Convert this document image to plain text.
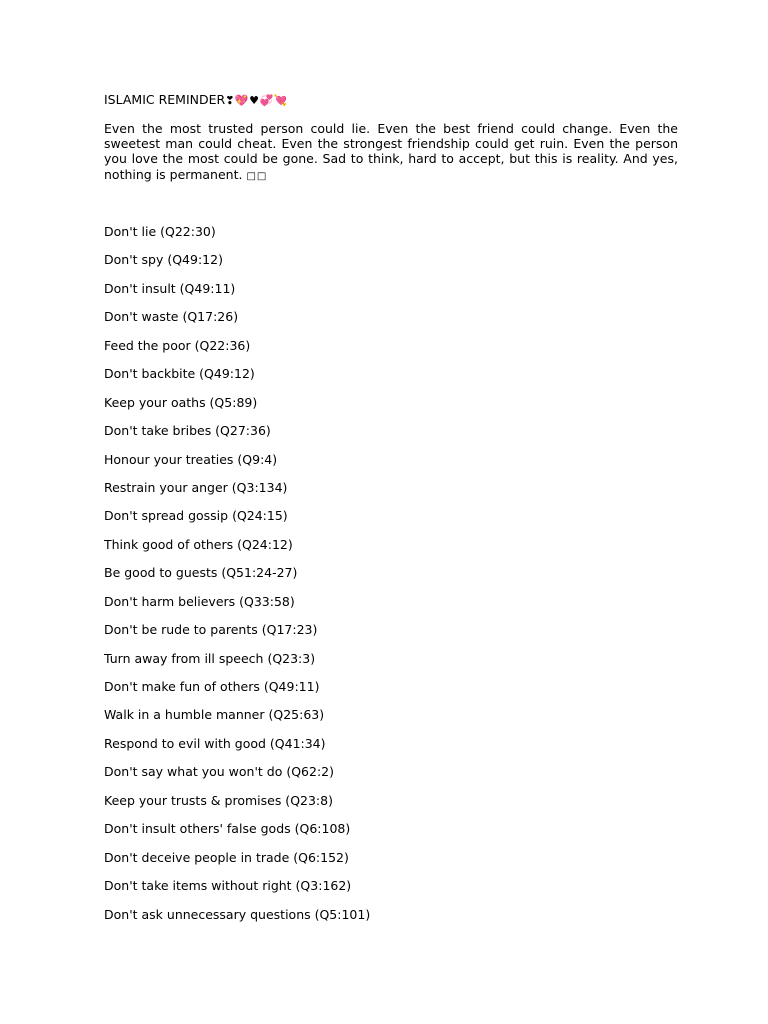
ISLAMIC REMINDER❣💖♥💞💘
Even the most trusted person could lie. Even the best friend could change. Even the sweetest man could cheat. Even the strongest friendship could get ruin. Even the person you love the most could be gone. Sad to think, hard to accept, but this is reality. And yes, nothing is permanent. □□
Don't lie (Q22:30)
Don't spy (Q49:12)
Don't insult (Q49:11)
Don't waste (Q17:26)
Feed the poor (Q22:36)
Don't backbite (Q49:12)
Keep your oaths (Q5:89)
Don't take bribes (Q27:36)
Honour your treaties (Q9:4)
Restrain your anger (Q3:134)
Don't spread gossip (Q24:15)
Think good of others (Q24:12)
Be good to guests (Q51:24-27)
Don't harm believers (Q33:58)
Don't be rude to parents (Q17:23)
Turn away from ill speech (Q23:3)
Don't make fun of others (Q49:11)
Walk in a humble manner (Q25:63)
Respond to evil with good (Q41:34)
Don't say what you won't do (Q62:2)
Keep your trusts & promises (Q23:8)
Don't insult others' false gods (Q6:108)
Don't deceive people in trade (Q6:152)
Don't take items without right (Q3:162)
Don't ask unnecessary questions (Q5:101)
